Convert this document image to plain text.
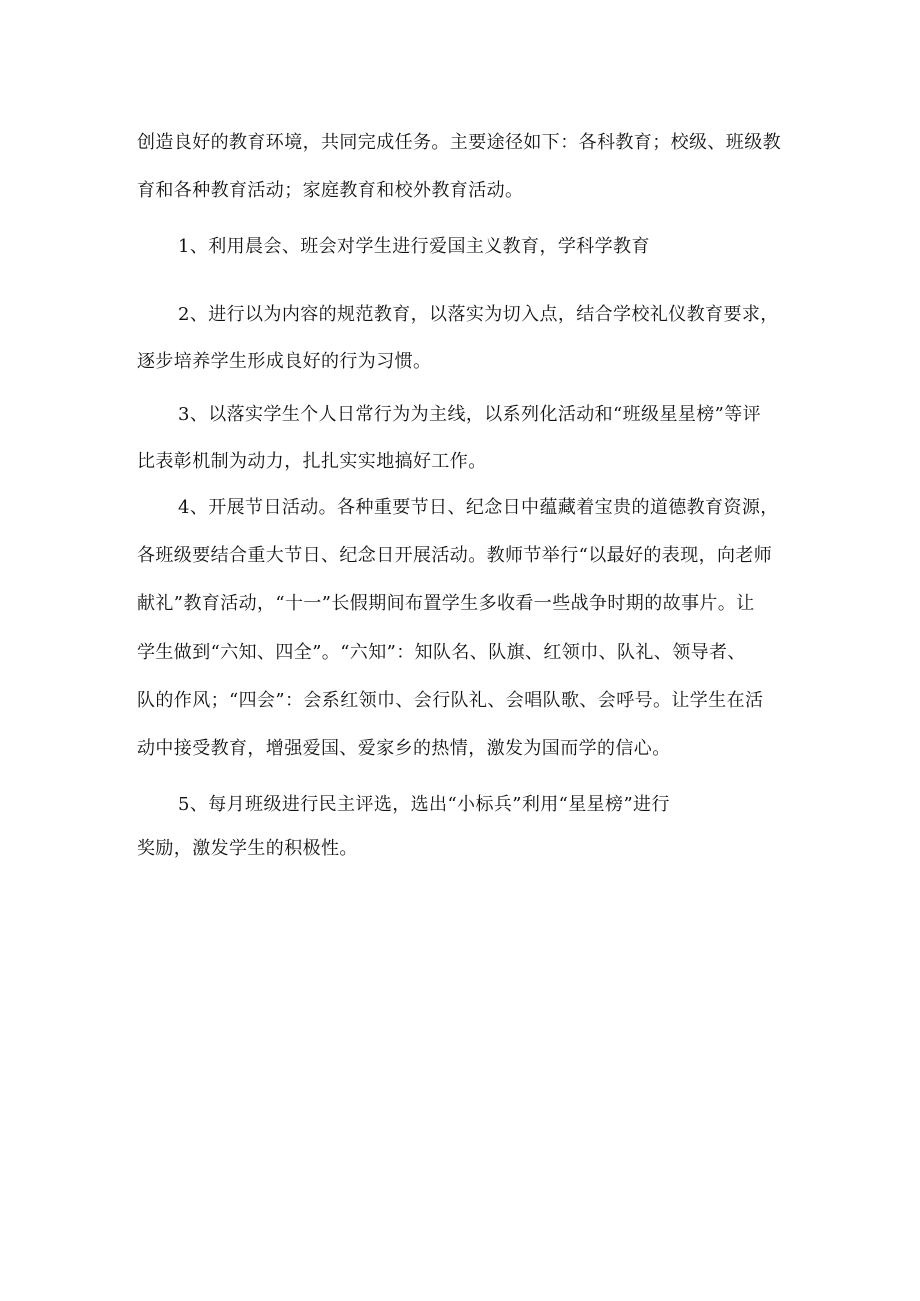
创造良好的教育环境，共同完成任务。主要途径如下：各科教育；校级、班级教

育和各种教育活动；家庭教育和校外教育活动。

1、利用晨会、班会对学生进行爱国主义教育，学科学教育

2、进行以为内容的规范教育，以落实为切入点，结合学校礼仪教育要求，

逐步培养学生形成良好的行为习惯。

3、以落实学生个人日常行为为主线，以系列化活动和“班级星星榜”等评

比表彰机制为动力，扎扎实实地搞好工作。

4、开展节日活动。各种重要节日、纪念日中蕴藏着宝贵的道德教育资源，

各班级要结合重大节日、纪念日开展活动。教师节举行“以最好的表现，向老师

献礼”教育活动，“十一”长假期间布置学生多收看一些战争时期的故事片。让

学生做到“六知、四全”。“六知”：知队名、队旗、红领巾、队礼、领导者、

队的作风；“四会”：会系红领巾、会行队礼、会唱队歌、会呼号。让学生在活

动中接受教育，增强爱国、爱家乡的热情，激发为国而学的信心。

5、每月班级进行民主评选，选出“小标兵”利用“星星榜”进行

奖励，激发学生的积极性。
